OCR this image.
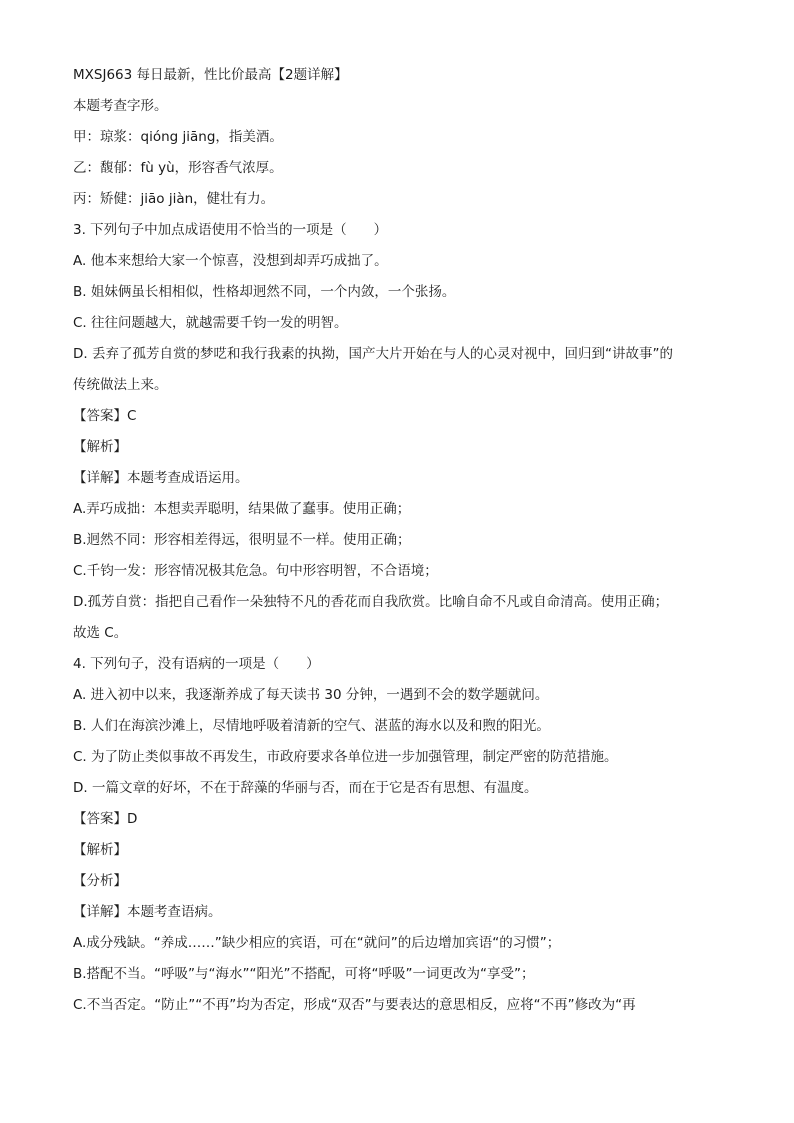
MXSJ663 每日最新，性比价最高【2题详解】
本题考查字形。
甲：琼浆：qióng jiāng，指美酒。
乙：馥郁：fù yù，形容香气浓厚。
丙：矫健：jiāo jiàn，健壮有力。
3. 下列句子中加点成语使用不恰当的一项是（　　）
A. 他本来想给大家一个惊喜，没想到却弄巧成拙了。
B. 姐妹俩虽长相相似，性格却迥然不同，一个内敛，一个张扬。
C. 往往问题越大，就越需要千钧一发的明智。
D. 丢弃了孤芳自赏的梦呓和我行我素的执拗，国产大片开始在与人的心灵对视中，回归到“讲故事”的
传统做法上来。
【答案】C
【解析】
【详解】本题考查成语运用。
A.弄巧成拙：本想卖弄聪明，结果做了蠢事。使用正确；
B.迥然不同：形容相差得远，很明显不一样。使用正确；
C.千钧一发：形容情况极其危急。句中形容明智，不合语境；
D.孤芳自赏：指把自己看作一朵独特不凡的香花而自我欣赏。比喻自命不凡或自命清高。使用正确；
故选 C。
4. 下列句子，没有语病的一项是（　　）
A. 进入初中以来，我逐渐养成了每天读书 30 分钟，一遇到不会的数学题就问。
B. 人们在海滨沙滩上，尽情地呼吸着清新的空气、湛蓝的海水以及和煦的阳光。
C. 为了防止类似事故不再发生，市政府要求各单位进一步加强管理，制定严密的防范措施。
D. 一篇文章的好坏，不在于辞藻的华丽与否，而在于它是否有思想、有温度。
【答案】D
【解析】
【分析】
【详解】本题考查语病。
A.成分残缺。“养成……”缺少相应的宾语，可在“就问”的后边增加宾语“的习惯”；
B.搭配不当。“呼吸”与“海水”“阳光”不搭配，可将“呼吸”一词更改为“享受”；
C.不当否定。“防止”“不再”均为否定，形成“双否”与要表达的意思相反，应将“不再”修改为“再
